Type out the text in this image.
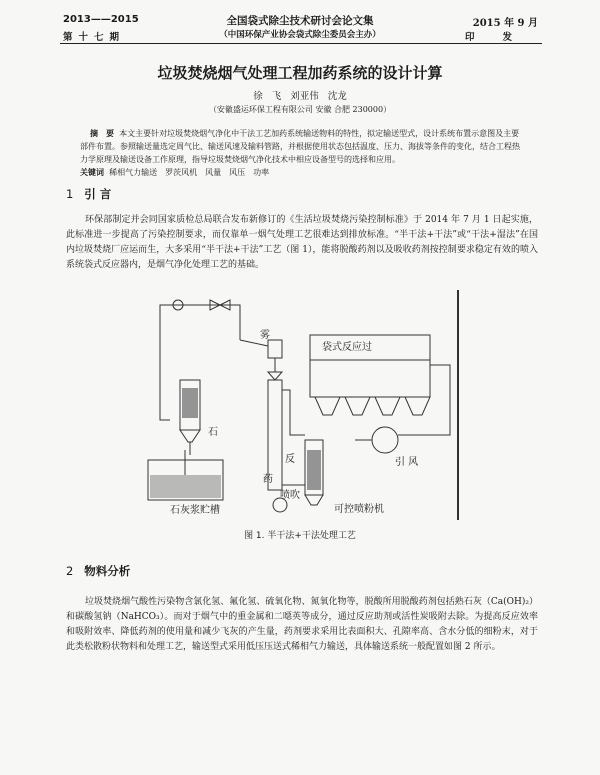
2013——2015
第十七期
全国袋式除尘技术研讨会论文集
（中国环保产业协会袋式除尘委员会主办）
2015 年 9 月
印发
垃圾焚烧烟气处理工程加药系统的设计计算
徐 飞 刘亚伟 沈龙
（安徽盛运环保工程有限公司 安徽 合肥 230000）
摘　要 本文主要针对垃圾焚烧烟气净化中干法工艺加药系统输送物料的特性，拟定输送型式，设计系统布置示意图及主要部件布置。参照输送量选定周气比、输送风速及输料管路，并根据使用状态包括温度、压力、海拔等条件的变化，结合工程热力学原理及输送设备工作原理，指导垃圾焚烧烟气净化技术中相应设备型号的选择和应用。
关键词 稀相气力输送　罗茨风机　风量　风压　功率
1 引 言
环保部制定并会同国家质检总局联合发布新修订的《生活垃圾焚烧污染控制标准》于 2014 年 7 月 1 日起实施，此标准进一步提高了污染控制要求，而仅靠单一烟气处理工艺很难达到排放标准。“半干法+干法”或“干法+湿法”在国内垃圾焚烧厂应运而生，大多采用“半干法+干法”工艺（图 1），能将脱酸药剂以及吸收药剂按控制要求稳定有效的喷入系统袋式反应器内，是烟气净化处理工艺的基础。
雾
袋式反应过
石
反	引 风
药
喷吹
石灰浆贮槽	可控喷粉机
图 1. 半干法+干法处理工艺
2 物料分析
垃圾焚烧烟气酸性污染物含氯化氢、氟化氢、硫氧化物、氮氧化物等，脱酸所用脱酸药剂包括熟石灰（Ca(OH)₂）和碳酸氢钠（NaHCO₃）。而对于烟气中的重金属和二噁英等成分，通过反应助剂或活性炭吸附去除。为提高反应效率和吸附效率、降低药剂的使用量和减少飞灰的产生量，药剂要求采用比表面积大、孔隙率高、含水分低的细粉末，对于此类松散粉状物料和处理工艺，输送型式采用低压压送式稀相气力输送，具体输送系统一般配置如图 2 所示。
